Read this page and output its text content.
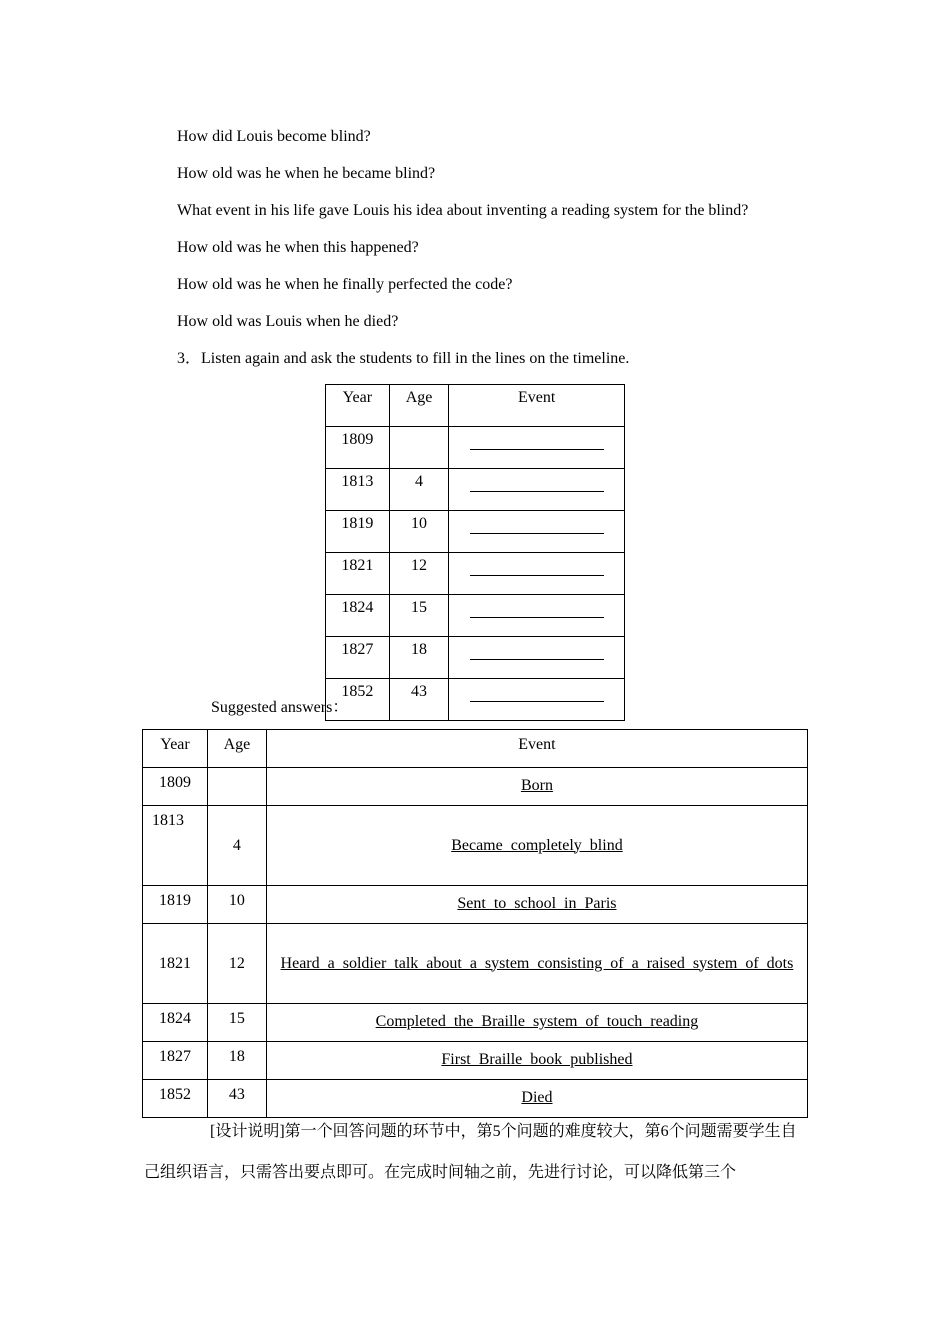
How did Louis become blind?
How old was he when he became blind?
What event in his life gave Louis his idea about inventing a reading system for the blind?
How old was he when this happened?
How old was he when he finally perfected the code?
How old was Louis when he died?
3．Listen again and ask the students to fill in the lines on the timeline.
Year	Age	Event
1809		
1813	4	
1819	10	
1821	12	
1824	15	
1827	18	
1852	43	
Suggested answers：
Year	Age	Event
1809		Born
1813	4	Became completely blind
1819	10	Sent to school in Paris
1821	12	Heard a soldier talk about a system consisting of a raised system of dots
1824	15	Completed the Braille system of touch reading
1827	18	First Braille book published
1852	43	Died
[设计说明]第一个回答问题的环节中，第5个问题的难度较大，第6个问题需要学生自己组织语言，只需答出要点即可。在完成时间轴之前，先进行讨论，可以降低第三个
